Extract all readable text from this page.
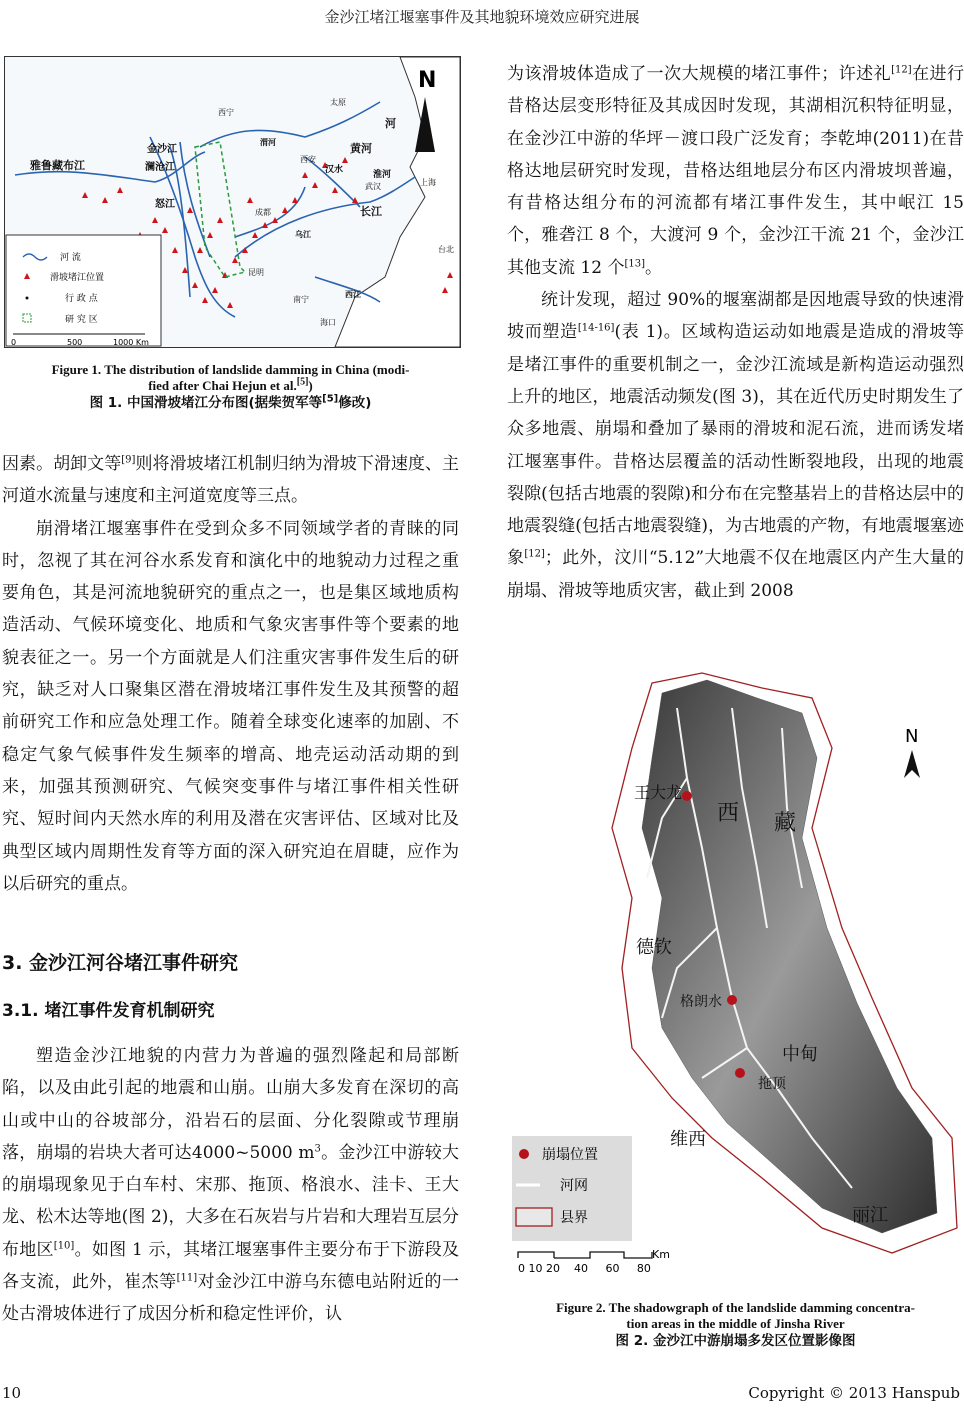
金沙江堵江堰塞事件及其地貌环境效应研究进展
N
太原
西宁
西安
武汉	上海
成都
昆明
南宁
海口
台北
雅鲁藏布江
金沙江
澜沧江
怒江
黄河
长江
汉水	淮河
渭河
乌江
西江
河
河 流
滑坡堵江位置
行 政 点
研 究 区
0	500	1000 Km
Figure 1. The distribution of landslide damming in China (modi-
fied after Chai Hejun et al.[5])
图 1. 中国滑坡堵江分布图(据柴贺军等[5]修改)

因素。胡卸文等[9]则将滑坡堵江机制归纳为滑坡下滑速度、主河道水流量与速度和主河道宽度等三点。

崩滑堵江堰塞事件在受到众多不同领域学者的青睐的同时，忽视了其在河谷水系发育和演化中的地貌动力过程之重要角色，其是河流地貌研究的重点之一，也是集区域地质构造活动、气候环境变化、地质和气象灾害事件等个要素的地貌表征之一。另一个方面就是人们注重灾害事件发生后的研究，缺乏对人口聚集区潜在滑坡堵江事件发生及其预警的超前研究工作和应急处理工作。随着全球变化速率的加剧、不稳定气象气候事件发生频率的增高、地壳运动活动期的到来，加强其预测研究、气候突变事件与堵江事件相关性研究、短时间内天然水库的利用及潜在灾害评估、区域对比及典型区域内周期性发育等方面的深入研究迫在眉睫，应作为以后研究的重点。

3. 金沙江河谷堵江事件研究
3.1. 堵江事件发育机制研究

塑造金沙江地貌的内营力为普遍的强烈隆起和局部断陷，以及由此引起的地震和山崩。山崩大多发育在深切的高山或中山的谷坡部分，沿岩石的层面、分化裂隙或节理崩落，崩塌的岩块大者可达4000~5000 $m^3$。金沙江中游较大的崩塌现象见于白车村、宋那、拖顶、格浪水、洼卡、王大龙、松木达等地(图 2)，大多在石灰岩与片岩和大理岩互层分布地区[10]。如图 1 示，其堵江堰塞事件主要分布于下游段及各支流，此外，崔杰等[11]对金沙江中游乌东德电站附近的一处古滑坡体进行了成因分析和稳定性评价，认

为该滑坡体造成了一次大规模的堵江事件；许述礼[12]在进行昔格达层变形特征及其成因时发现，其湖相沉积特征明显，在金沙江中游的华坪－渡口段广泛发育；李乾坤(2011)在昔格达地层研究时发现，昔格达组地层分布区内滑坡坝普遍，有昔格达组分布的河流都有堵江事件发生，其中岷江 15 个，雅砻江 8 个，大渡河 9 个，金沙江干流 21 个，金沙江其他支流 12 个[13]。

统计发现，超过 90%的堰塞湖都是因地震导致的快速滑坡而塑造[14-16](表 1)。区域构造运动如地震是造成的滑坡等是堵江事件的重要机制之一，金沙江流域是新构造运动强烈上升的地区，地震活动频发(图 3)，其在近代历史时期发生了众多地震、崩塌和叠加了暴雨的滑坡和泥石流，进而诱发堵江堰塞事件。昔格达层覆盖的活动性断裂地段，出现的地震裂隙(包括古地震的裂隙)和分布在完整基岩上的昔格达层中的地震裂缝(包括古地震裂缝)，为古地震的产物，有地震堰塞迹象[12]；此外，汶川“5.12”大地震不仅在地震区内产生大量的崩塌、滑坡等地质灾害，截止到 2008

N
王大龙
西 藏
德钦
格朗水
中甸
拖顶
维西
丽江
崩塌位置
河网
县界
Km
0 10 20    40     60     80
Figure 2. The shadowgraph of the landslide damming concentra-
tion areas in the middle of Jinsha River
图 2. 金沙江中游崩塌多发区位置影像图
10	Copyright © 2013 Hanspub
